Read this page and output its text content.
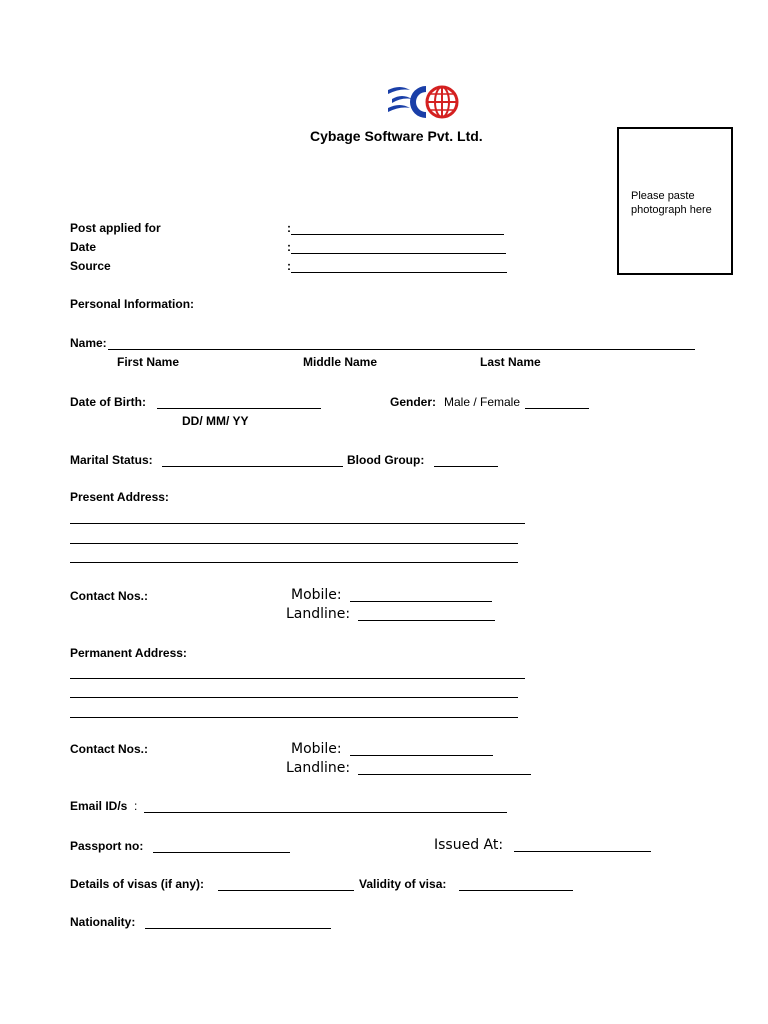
Cybage Software Pvt. Ltd.
Please paste photograph here
Post applied for	:
Date	:
Source	:
Personal Information:
Name:
First Name	Middle Name	Last Name
Date of Birth:
DD/ MM/ YY
Gender: Male / Female
Marital Status:	Blood Group:
Present Address:
Contact Nos.:	Mobile:
Landline:
Permanent Address:
Contact Nos.:	Mobile:
Landline:
Email ID/s :
Passport no:	Issued At:
Details of visas (if any):	Validity of visa:
Nationality:
